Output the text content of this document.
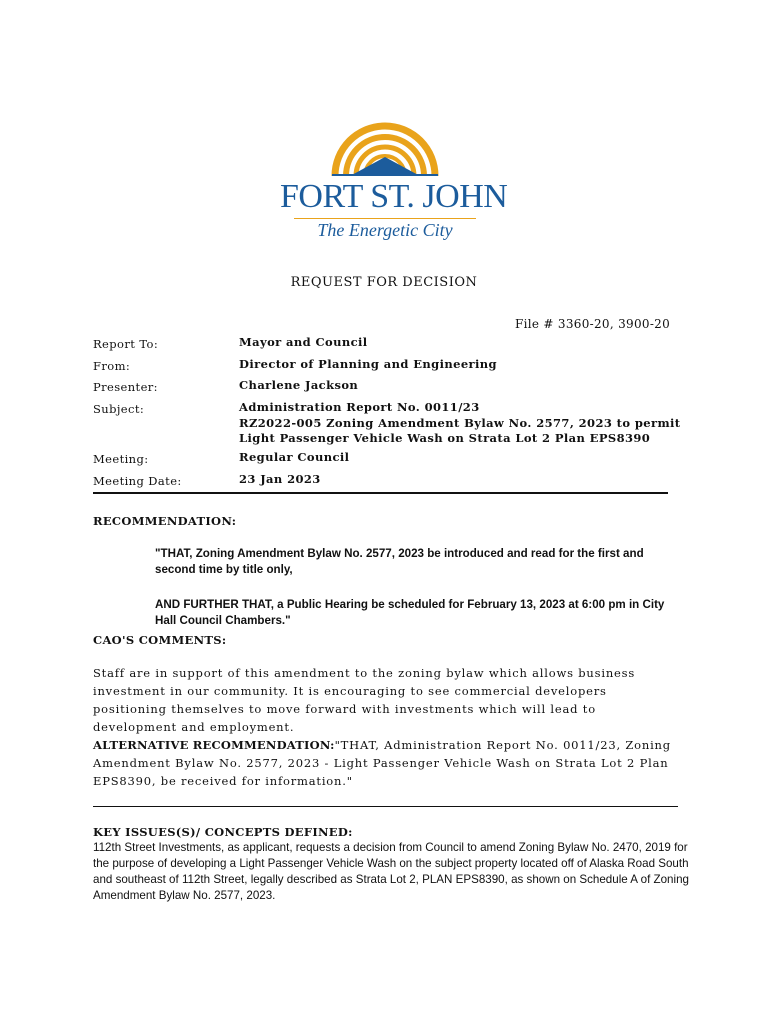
FORT ST. JOHN
The Energetic City
REQUEST FOR DECISION
File # 3360-20, 3900-20
Report To:	Mayor and Council
From:	Director of Planning and Engineering
Presenter:	Charlene Jackson
Subject:	Administration Report No. 0011/23
RZ2022-005 Zoning Amendment Bylaw No. 2577, 2023 to permit
Light Passenger Vehicle Wash on Strata Lot 2 Plan EPS8390
Meeting:	Regular Council
Meeting Date:	23 Jan 2023
RECOMMENDATION:
"THAT, Zoning Amendment Bylaw No. 2577, 2023 be introduced and read for the first and second time by title only,
AND FURTHER THAT, a Public Hearing be scheduled for February 13, 2023 at 6:00 pm in City Hall Council Chambers."
CAO'S COMMENTS:
Staff are in support of this amendment to the zoning bylaw which allows business investment in our community. It is encouraging to see commercial developers positioning themselves to move forward with investments which will lead to development and employment.
ALTERNATIVE RECOMMENDATION:"THAT, Administration Report No. 0011/23, Zoning Amendment Bylaw No. 2577, 2023 - Light Passenger Vehicle Wash on Strata Lot 2 Plan EPS8390, be received for information."
KEY ISSUES(S)/ CONCEPTS DEFINED:
112th Street Investments, as applicant, requests a decision from Council to amend Zoning Bylaw No. 2470, 2019 for the purpose of developing a Light Passenger Vehicle Wash on the subject property located off of Alaska Road South and southeast of 112th Street, legally described as Strata Lot 2, PLAN EPS8390, as shown on Schedule A of Zoning Amendment Bylaw No. 2577, 2023.
